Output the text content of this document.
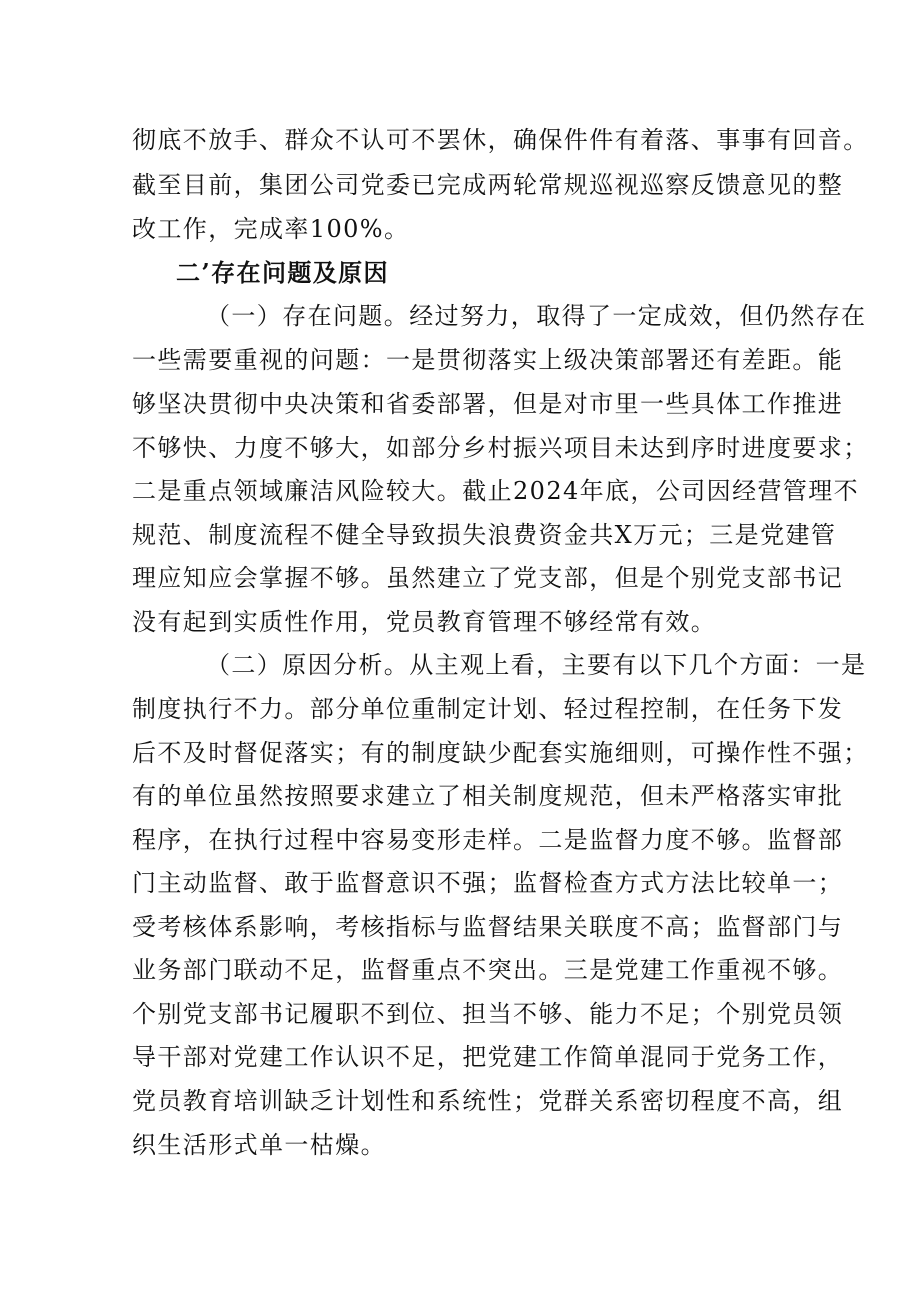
彻底不放手、群众不认可不罢休，确保件件有着落、事事有回音。
截至目前，集团公司党委已完成两轮常规巡视巡察反馈意见的整
改工作，完成率100%。
二’存在问题及原因
（一）存在问题。经过努力，取得了一定成效，但仍然存在
一些需要重视的问题：一是贯彻落实上级决策部署还有差距。能
够坚决贯彻中央决策和省委部署，但是对市里一些具体工作推进
不够快、力度不够大，如部分乡村振兴项目未达到序时进度要求；
二是重点领域廉洁风险较大。截止2024年底，公司因经营管理不
规范、制度流程不健全导致损失浪费资金共X万元；三是党建管
理应知应会掌握不够。虽然建立了党支部，但是个别党支部书记
没有起到实质性作用，党员教育管理不够经常有效。
（二）原因分析。从主观上看，主要有以下几个方面：一是
制度执行不力。部分单位重制定计划、轻过程控制，在任务下发
后不及时督促落实；有的制度缺少配套实施细则，可操作性不强；
有的单位虽然按照要求建立了相关制度规范，但未严格落实审批
程序，在执行过程中容易变形走样。二是监督力度不够。监督部
门主动监督、敢于监督意识不强；监督检查方式方法比较单一；
受考核体系影响，考核指标与监督结果关联度不高；监督部门与
业务部门联动不足，监督重点不突出。三是党建工作重视不够。
个别党支部书记履职不到位、担当不够、能力不足；个别党员领
导干部对党建工作认识不足，把党建工作简单混同于党务工作，
党员教育培训缺乏计划性和系统性；党群关系密切程度不高，组
织生活形式单一枯燥。
